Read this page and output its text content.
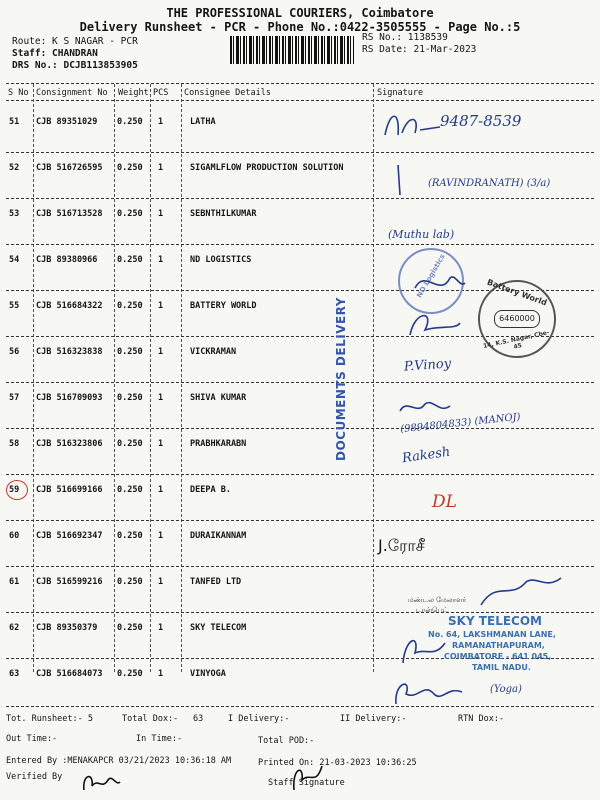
THE PROFESSIONAL COURIERS, Coimbatore
Delivery Runsheet - PCR - Phone No.:0422-3505555 - Page No.:5
Route: K S NAGAR - PCR
Staff: CHANDRAN
DRS No.: DCJB113853905
RS No.: 1138539
RS Date: 21-Mar-2023
S No Consignment No Weight PCS Consignee Details	Signature
51 CJB 89351029 0.250 1	LATHA
52 CJB 516726595 0.250 1	SIGAMLFLOW PRODUCTION SOLUTION
53 CJB 516713528 0.250 1	SEBNTHILKUMAR
54 CJB 89380966 0.250 1	ND LOGISTICS
55 CJB 516684322 0.250 1	BATTERY WORLD
56 CJB 516323838 0.250 1	VICKRAMAN
57 CJB 516709093 0.250 1	SHIVA KUMAR
58 CJB 516323806 0.250 1	PRABHKARABN
59 CJB 516699166 0.250 1	DEEPA B.
60 CJB 516692347 0.250 1	DURAIKANNAM
61 CJB 516599216 0.250 1	TANFED LTD
62 CJB 89350379 0.250 1	SKY TELECOM
63 CJB 516684073 0.250 1	VINYOGA
DOCUMENTS DELIVERY
9487-8539
(RAVINDRANATH) (3/a)
(Muthu lab)
ND Logistics	Battery World
6460000
14, K.S. Nagar, Cbe-45
P.Vinoy
(9894804833) (MANOJ)
Rakesh
DL
J.ராேசீ
மண்டல மேலாளர்
டான்பெட்
SKY TELECOM
No. 64, LAKSHMANAN LANE,
RAMANATHAPURAM,
COIMBATORE - 641 045,
TAMIL NADU.
(Yoga)
Tot. Runsheet:- 5	Total Dox:- 63	I Delivery:-	II Delivery:-	RTN Dox:-
Out Time:-	In Time:-	Total POD:-
Entered By :MENAKAPCR 03/21/2023 10:36:18 AM	Printed On: 21-03-2023 10:36:25
Verified By
Staff Signature
